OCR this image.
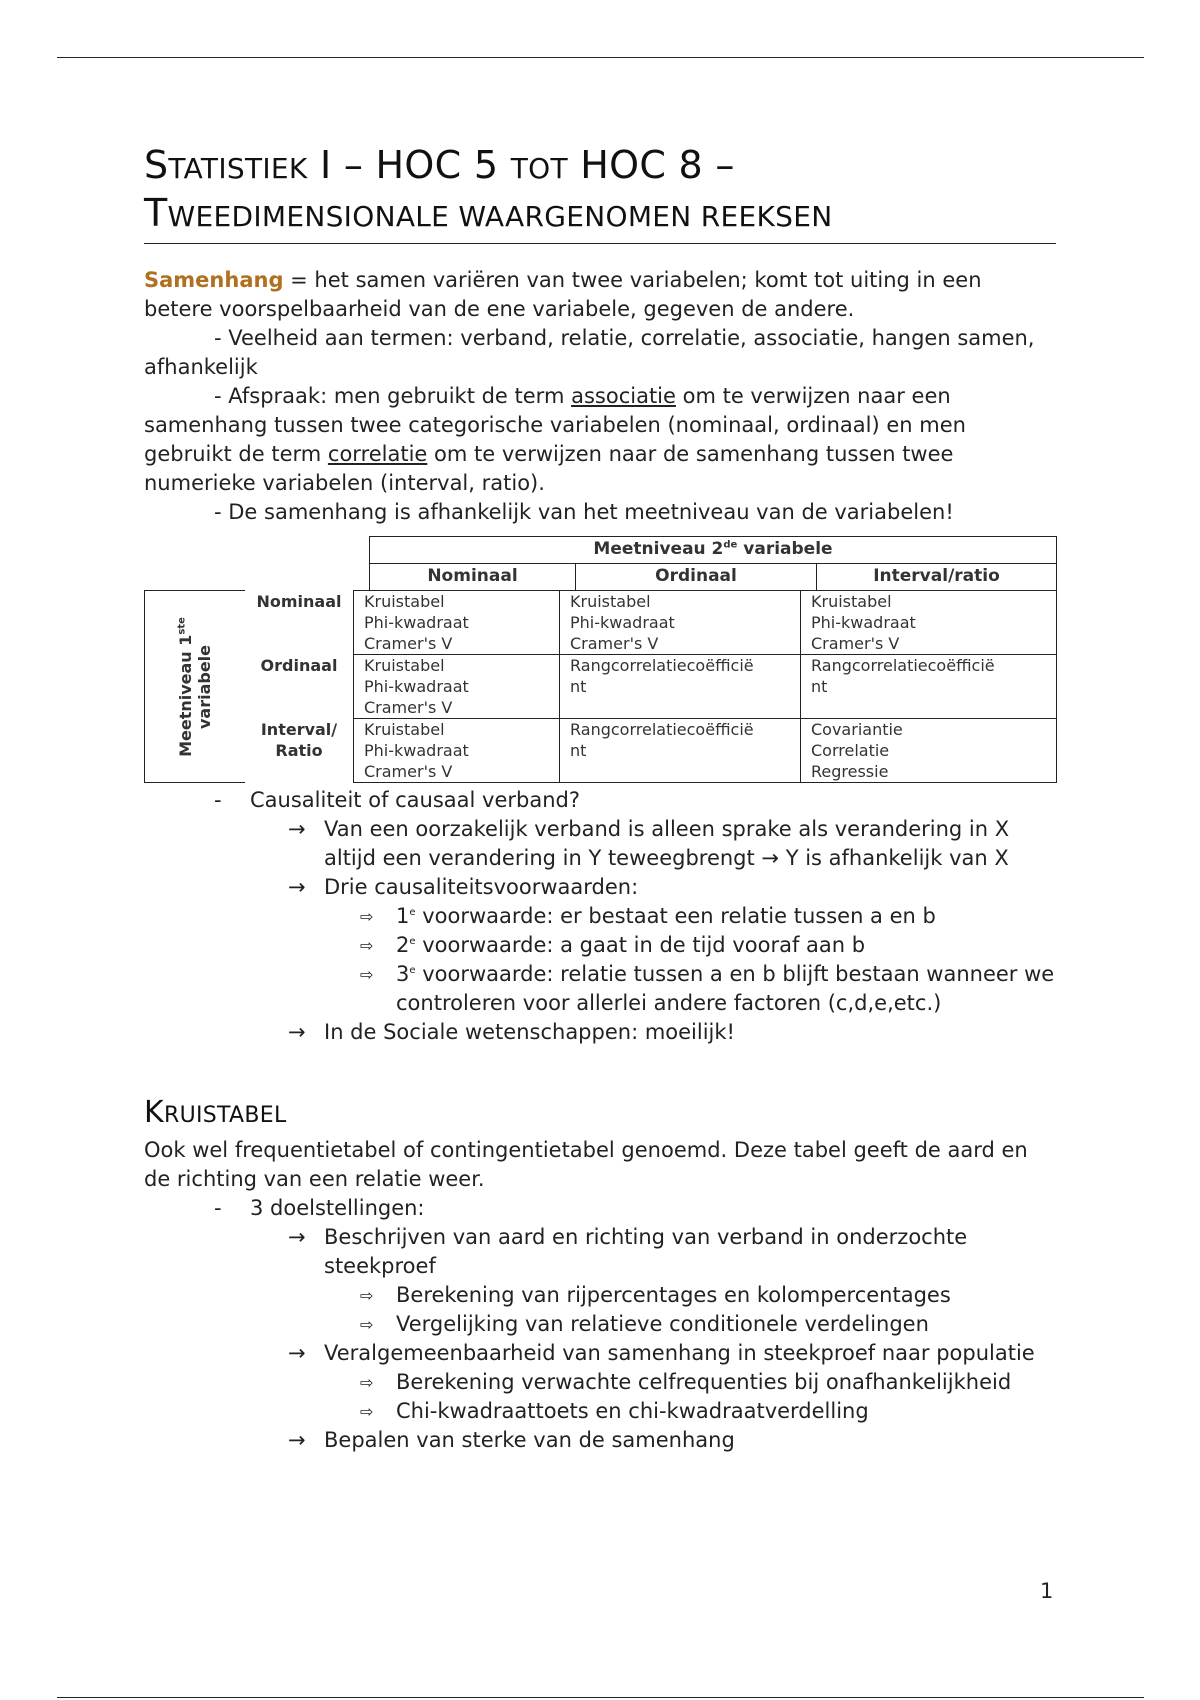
STATISTIEK I – HOC 5 TOT HOC 8 –
TWEEDIMENSIONALE WAARGENOMEN REEKSEN

Samenhang = het samen variëren van twee variabelen; komt tot uiting in een betere voorspelbaarheid van de ene variabele, gegeven de andere.

- Veelheid aan termen: verband, relatie, correlatie, associatie, hangen samen, afhankelijk

- Afspraak: men gebruikt de term associatie om te verwijzen naar een samenhang tussen twee categorische variabelen (nominaal, ordinaal) en men gebruikt de term correlatie om te verwijzen naar de samenhang tussen twee numerieke variabelen (interval, ratio).

- De samenhang is afhankelijk van het meetniveau van de variabelen!

Meetniveau 2de variabele
Nominaal	Ordinaal	Interval/ratio
Meetniveau 1ste
variabele	Nominaal	Kruistabel
Phi-kwadraat
Cramer's V	Kruistabel
Phi-kwadraat
Cramer's V	Kruistabel
Phi-kwadraat
Cramer's V
	Ordinaal	Kruistabel
Phi-kwadraat
Cramer's V	Rangcorrelatiecoëfficië
nt	Rangcorrelatiecoëfficië
nt
	Interval/
Ratio	Kruistabel
Phi-kwadraat
Cramer's V	Rangcorrelatiecoëfficië
nt	Covariantie
Correlatie
Regressie
- Causaliteit of causaal verband?
→ Van een oorzakelijk verband is alleen sprake als verandering in X altijd een verandering in Y teweegbrengt → Y is afhankelijk van X
→ Drie causaliteitsvoorwaarden:
⇨ 1e voorwaarde: er bestaat een relatie tussen a en b
⇨ 2e voorwaarde: a gaat in de tijd vooraf aan b
⇨ 3e voorwaarde: relatie tussen a en b blijft bestaan wanneer we controleren voor allerlei andere factoren (c,d,e,etc.)
→ In de Sociale wetenschappen: moeilijk!
KRUISTABEL

Ook wel frequentietabel of contingentietabel genoemd. Deze tabel geeft de aard en de richting van een relatie weer.

- 3 doelstellingen:
→ Beschrijven van aard en richting van verband in onderzochte steekproef
⇨ Berekening van rijpercentages en kolompercentages
⇨ Vergelijking van relatieve conditionele verdelingen
→ Veralgemeenbaarheid van samenhang in steekproef naar populatie
⇨ Berekening verwachte celfrequenties bij onafhankelijkheid
⇨ Chi-kwadraattoets en chi-kwadraatverdelling
→ Bepalen van sterke van de samenhang
1
